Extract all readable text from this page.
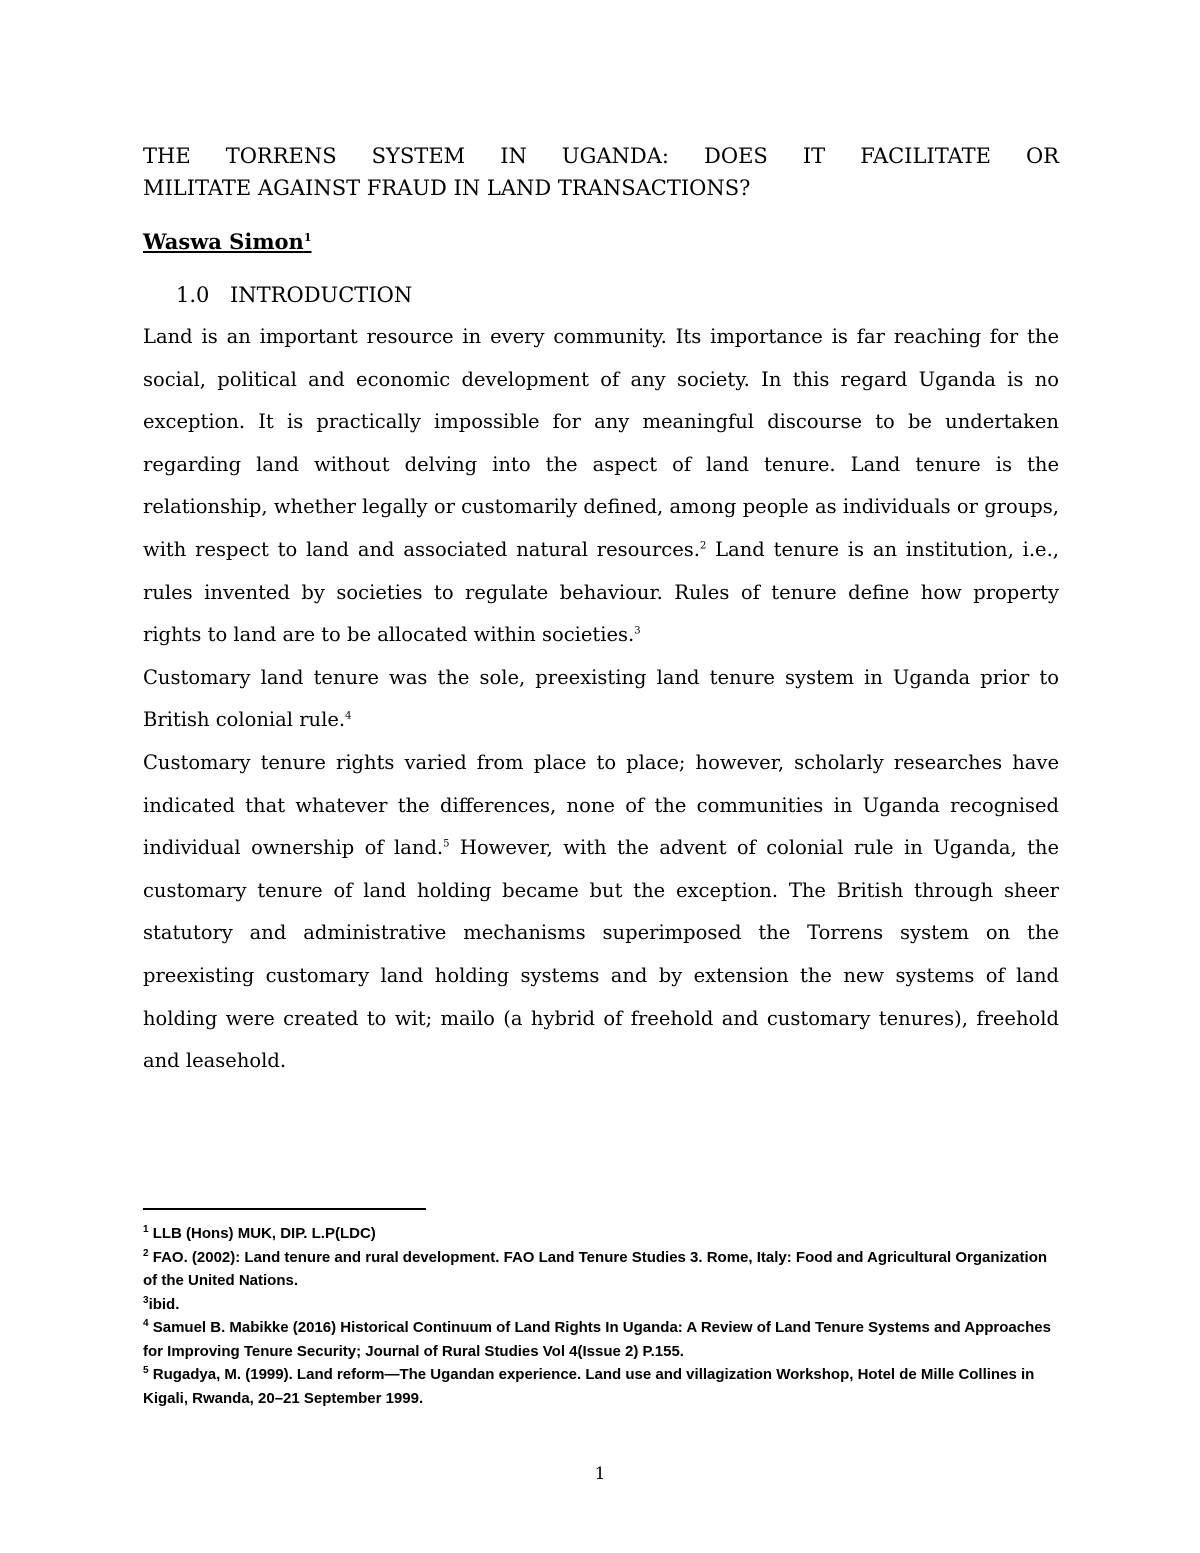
THE TORRENS SYSTEM IN UGANDA: DOES IT FACILITATE OR
MILITATE AGAINST FRAUD IN LAND TRANSACTIONS?
Waswa Simon$^1$
1.0 INTRODUCTION

Land is an important resource in every community. Its importance is far reaching for the social, political and economic development of any society. In this regard Uganda is no exception. It is practically impossible for any meaningful discourse to be undertaken regarding land without delving into the aspect of land tenure. Land tenure is the relationship, whether legally or customarily defined, among people as individuals or groups, with respect to land and associated natural resources.$^2$ Land tenure is an institution, i.e., rules invented by societies to regulate behaviour. Rules of tenure define how property rights to land are to be allocated within societies.$^3$

Customary land tenure was the sole, preexisting land tenure system in Uganda prior to British colonial rule.$^4$

Customary tenure rights varied from place to place; however, scholarly researches have indicated that whatever the differences, none of the communities in Uganda recognised individual ownership of land.$^5$ However, with the advent of colonial rule in Uganda, the customary tenure of land holding became but the exception. The British through sheer statutory and administrative mechanisms superimposed the Torrens system on the preexisting customary land holding systems and by extension the new systems of land holding were created to wit; mailo (a hybrid of freehold and customary tenures), freehold and leasehold.

$^1$ LLB (Hons) MUK, DIP. L.P(LDC)

$^2$ FAO. (2002): Land tenure and rural development. FAO Land Tenure Studies 3. Rome, Italy: Food and Agricultural Organization of the United Nations.

$^3$ibid.

$^4$ Samuel B. Mabikke (2016) Historical Continuum of Land Rights In Uganda: A Review of Land Tenure Systems and Approaches for Improving Tenure Security; Journal of Rural Studies Vol 4(Issue 2) P.155.

$^5$ Rugadya, M. (1999). Land reform—The Ugandan experience. Land use and villagization Workshop, Hotel de Mille Collines in Kigali, Rwanda, 20–21 September 1999.

1
